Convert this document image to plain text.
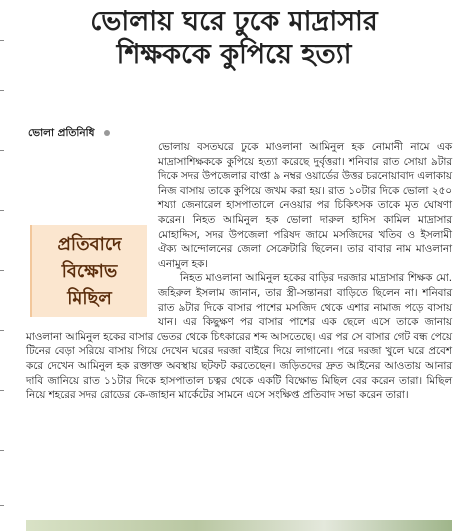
ভোলায় ঘরে ঢুকে মাদ্রাসার
শিক্ষককে কুপিয়ে হত্যা
ভোলা প্রতিনিধি

ভোলায় বসতঘরে ঢুকে মাওলানা আমিনুল হক নোমানী নামে এক মাদ্রাসাশিক্ষককে কুপিয়ে হত্যা করেছে দুর্বৃত্তরা। শনিবার রাত সোয়া ৯টার দিকে সদর উপজেলার বাপ্তা ৯ নম্বর ওয়ার্ডের উত্তর চরনোয়াবাদ এলাকায় নিজ বাসায় তাকে কুপিয়ে জখম করা হয়। রাত ১০টার দিকে ভোলা ২৫০ শয্যা জেনারেল হাসপাতালে নেওয়ার পর চিকিৎসক তাকে মৃত ঘোষণা করেন। নিহত আমিনুল হক ভোলা দারুল হাদিস কামিল মাদ্রাসার মোহাদ্দিস, সদর উপজেলা পরিষদ জামে মসজিদের খতিব ও ইসলামী ঐক্য আন্দোলনের জেলা সেক্রেটারি ছিলেন। তার বাবার নাম মাওলানা এনামুল হক।

নিহত মাওলানা আমিনুল হকের বাড়ির দরজার মাদ্রাসার শিক্ষক মো. জহিরুল ইসলাম জানান, তার স্ত্রী-সন্তানরা বাড়িতে ছিলেন না। শনিবার রাত ৯টার দিকে বাসার পাশের মসজিদ থেকে এশার নামাজ পড়ে বাসায় যান। এর কিছুক্ষণ পর বাসার পাশের এক ছেলে এসে তাকে জানায় মাওলানা আমিনুল হকের বাসার ভেতর থেকে চিৎকারের শব্দ আসতেছে। এর পর সে বাসার গেট বন্ধ পেয়ে টিনের বেড়া সরিয়ে বাসায় গিয়ে দেখেন ঘরের দরজা বাইরে দিয়ে লাগানো। পরে দরজা খুলে ঘরে প্রবেশ করে দেখেন আমিনুল হক রক্তাক্ত অবস্থায় ছটফট করতেছেন। জড়িতদের দ্রুত আইনের আওতায় আনার দাবি জানিয়ে রাত ১১টার দিকে হাসপাতাল চত্বর থেকে একটি বিক্ষোভ মিছিল বের করেন তারা। মিছিল নিয়ে শহরের সদর রোডের কে-জাহান মার্কেটের সামনে এসে সংক্ষিপ্ত প্রতিবাদ সভা করেন তারা।

প্রতিবাদে
বিক্ষোভ
মিছিল
